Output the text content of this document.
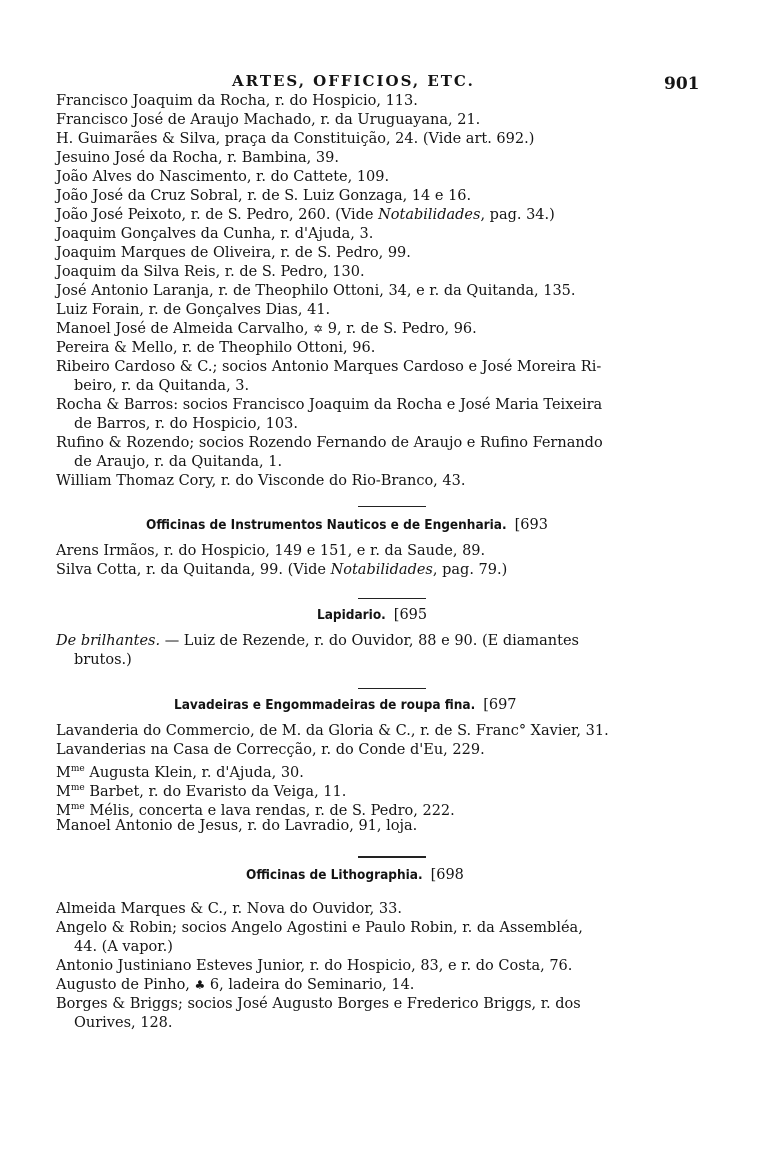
ARTES, OFFICIOS, ETC.	901
Francisco Joaquim da Rocha, r. do Hospicio, 113.
Francisco José de Araujo Machado, r. da Uruguayana, 21.
H. Guimarães & Silva, praça da Constituição, 24. (Vide art. 692.)
Jesuino José da Rocha, r. Bambina, 39.
João Alves do Nascimento, r. do Cattete, 109.
João José da Cruz Sobral, r. de S. Luiz Gonzaga, 14 e 16.
João José Peixoto, r. de S. Pedro, 260. (Vide Notabilidades, pag. 34.)
Joaquim Gonçalves da Cunha, r. d'Ajuda, 3.
Joaquim Marques de Oliveira, r. de S. Pedro, 99.
Joaquim da Silva Reis, r. de S. Pedro, 130.
José Antonio Laranja, r. de Theophilo Ottoni, 34, e r. da Quitanda, 135.
Luiz Forain, r. de Gonçalves Dias, 41.
Manoel José de Almeida Carvalho, ✡ 9, r. de S. Pedro, 96.
Pereira & Mello, r. de Theophilo Ottoni, 96.
Ribeiro Cardoso & C.; socios Antonio Marques Cardoso e José Moreira Ri-
beiro, r. da Quitanda, 3.
Rocha & Barros: socios Francisco Joaquim da Rocha e José Maria Teixeira
de Barros, r. do Hospicio, 103.
Rufino & Rozendo; socios Rozendo Fernando de Araujo e Rufino Fernando
de Araujo, r. da Quitanda, 1.
William Thomaz Cory, r. do Visconde do Rio-Branco, 43.
Officinas de Instrumentos Nauticos e de Engenharia. [693
Arens Irmãos, r. do Hospicio, 149 e 151, e r. da Saude, 89.
Silva Cotta, r. da Quitanda, 99. (Vide Notabilidades, pag. 79.)
Lapidario. [695
De brilhantes. — Luiz de Rezende, r. do Ouvidor, 88 e 90. (E diamantes
brutos.)
Lavadeiras e Engommadeiras de roupa fina. [697
Lavanderia do Commercio, de M. da Gloria & C., r. de S. Franc° Xavier, 31.
Lavanderias na Casa de Correcção, r. do Conde d'Eu, 229.
$M^{me}$ Augusta Klein, r. d'Ajuda, 30.
$M^{me}$ Barbet, r. do Evaristo da Veiga, 11.
$M^{me}$ Mélis, concerta e lava rendas, r. de S. Pedro, 222.
Manoel Antonio de Jesus, r. do Lavradio, 91, loja.
Officinas de Lithographia. [698
Almeida Marques & C., r. Nova do Ouvidor, 33.
Angelo & Robin; socios Angelo Agostini e Paulo Robin, r. da Assembléa,
44. (A vapor.)
Antonio Justiniano Esteves Junior, r. do Hospicio, 83, e r. do Costa, 76.
Augusto de Pinho, ♣ 6, ladeira do Seminario, 14.
Borges & Briggs; socios José Augusto Borges e Frederico Briggs, r. dos
Ourives, 128.
